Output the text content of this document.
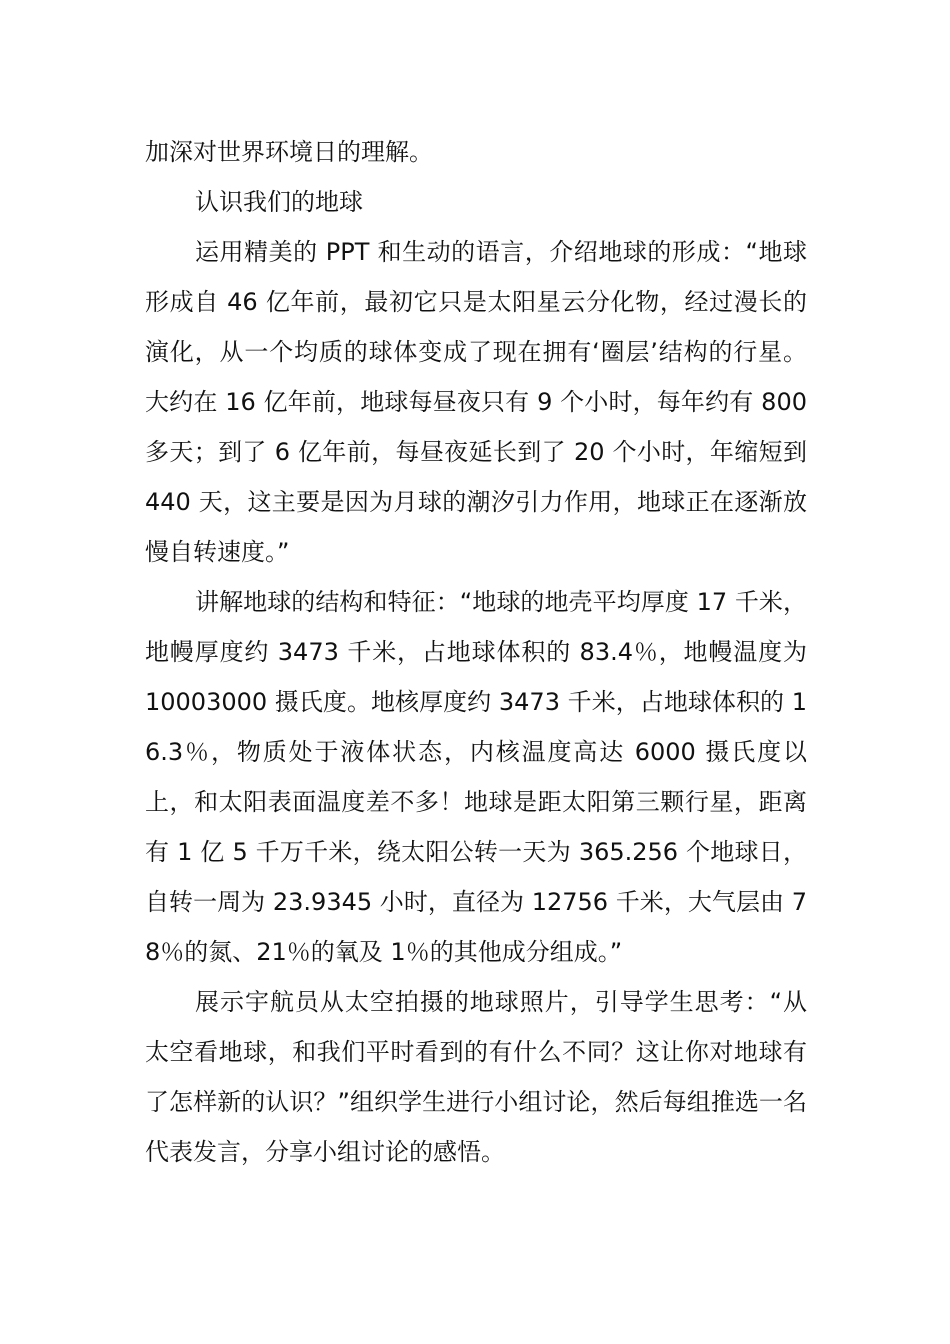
加深对世界环境日的理解。

认识我们的地球

运用精美的 PPT 和生动的语言，介绍地球的形成：“地球形成自 46 亿年前，最初它只是太阳星云分化物，经过漫长的演化，从一个均质的球体变成了现在拥有‘圈层’结构的行星。大约在 16 亿年前，地球每昼夜只有 9 个小时，每年约有 800 多天；到了 6 亿年前，每昼夜延长到了 20 个小时，年缩短到 440 天，这主要是因为月球的潮汐引力作用，地球正在逐渐放慢自转速度。”

讲解地球的结构和特征：“地球的地壳平均厚度 17 千米，地幔厚度约 3473 千米，占地球体积的 83.4％，地幔温度为 10003000 摄氏度。地核厚度约 3473 千米，占地球体积的 16.3％，物质处于液体状态，内核温度高达 6000 摄氏度以上，和太阳表面温度差不多！地球是距太阳第三颗行星，距离有 1 亿 5 千万千米，绕太阳公转一天为 365.256 个地球日，自转一周为 23.9345 小时，直径为 12756 千米，大气层由 78％的氮、21％的氧及 1％的其他成分组成。”

展示宇航员从太空拍摄的地球照片，引导学生思考：“从太空看地球，和我们平时看到的有什么不同？这让你对地球有了怎样新的认识？”组织学生进行小组讨论，然后每组推选一名代表发言，分享小组讨论的感悟。
